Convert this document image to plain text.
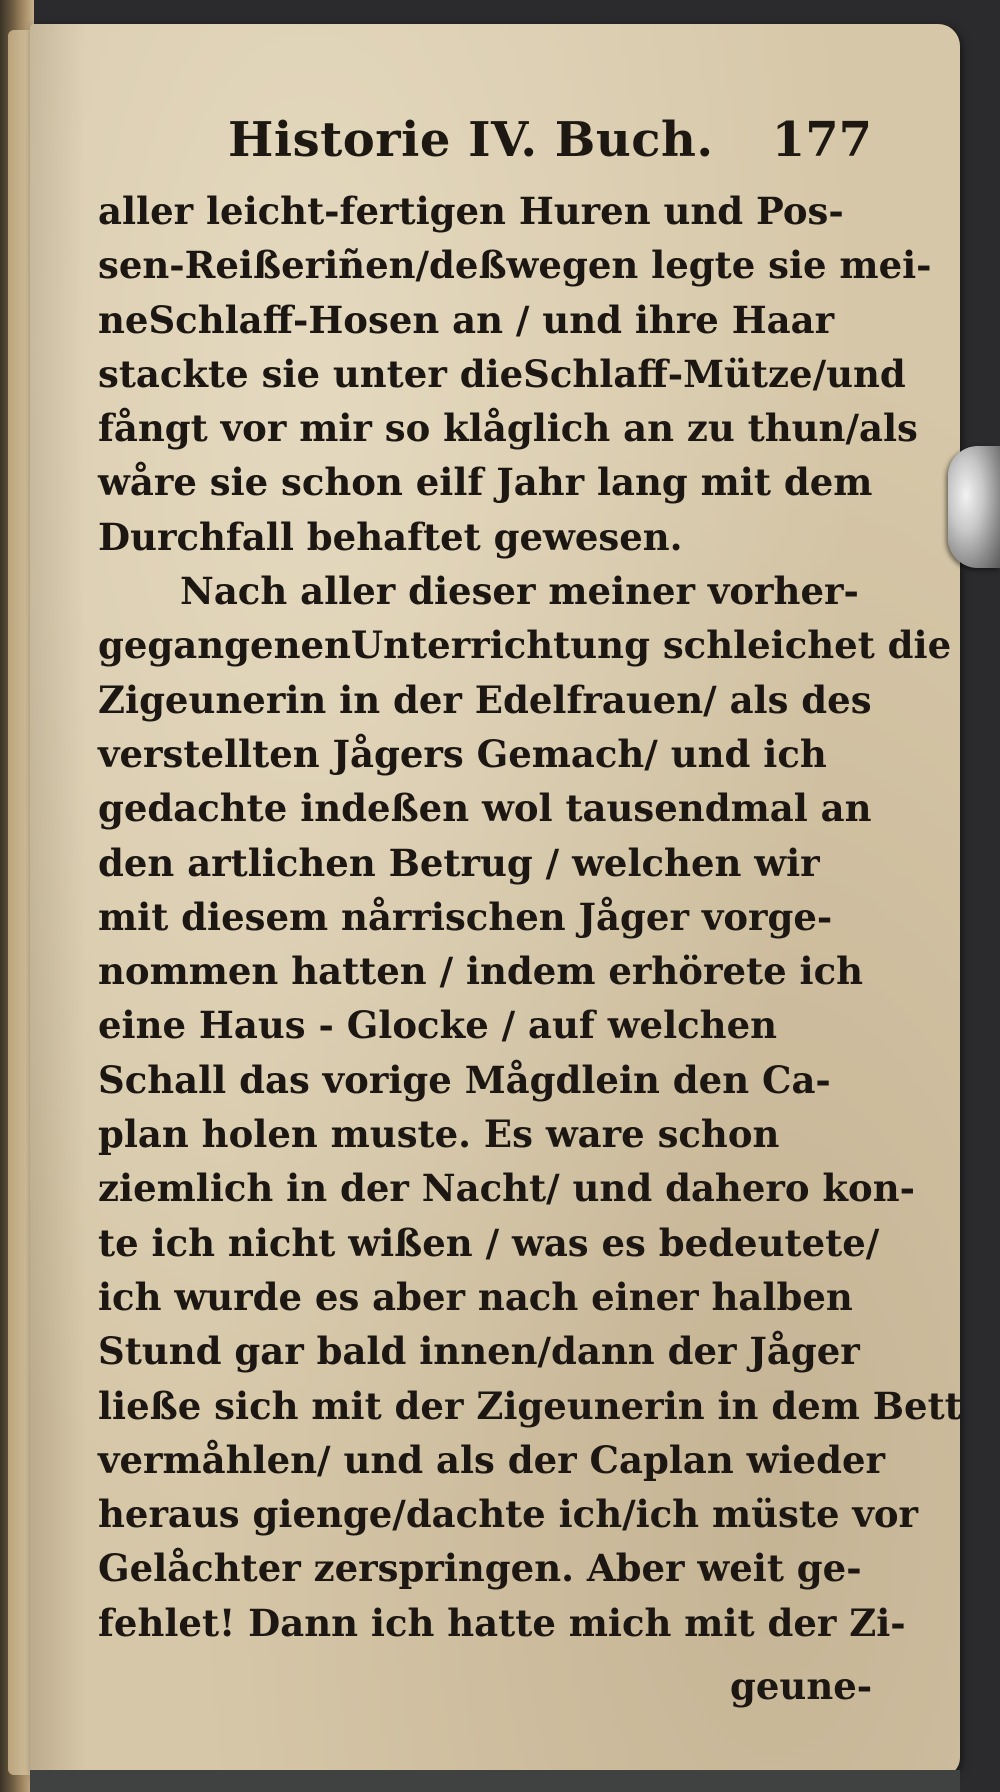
Historie IV. Buch. 177
aller leicht-fertigen Huren und Pos-
sen-Reißeriñen/deßwegen legte sie mei-
neSchlaff-Hosen an / und ihre Haar
stackte sie unter dieSchlaff-Mütze/und
fångt vor mir so klåglich an zu thun/als
wåre sie schon eilf Jahr lang mit dem
Durchfall behaftet gewesen.
Nach aller dieser meiner vorher-
gegangenenUnterrichtung schleichet die
Zigeunerin in der Edelfrauen/ als des
verstellten Jågers Gemach/ und ich
gedachte indeßen wol tausendmal an
den artlichen Betrug / welchen wir
mit diesem nårrischen Jåger vorge-
nommen hatten / indem erhörete ich
eine Haus - Glocke / auf welchen
Schall das vorige Mågdlein den Ca-
plan holen muste. Es ware schon
ziemlich in der Nacht/ und dahero kon-
te ich nicht wißen / was es bedeutete/
ich wurde es aber nach einer halben
Stund gar bald innen/dann der Jåger
ließe sich mit der Zigeunerin in dem Bett
vermåhlen/ und als der Caplan wieder
heraus gienge/dachte ich/ich müste vor
Gelåchter zerspringen. Aber weit ge-
fehlet! Dann ich hatte mich mit der Zi-
geune-
